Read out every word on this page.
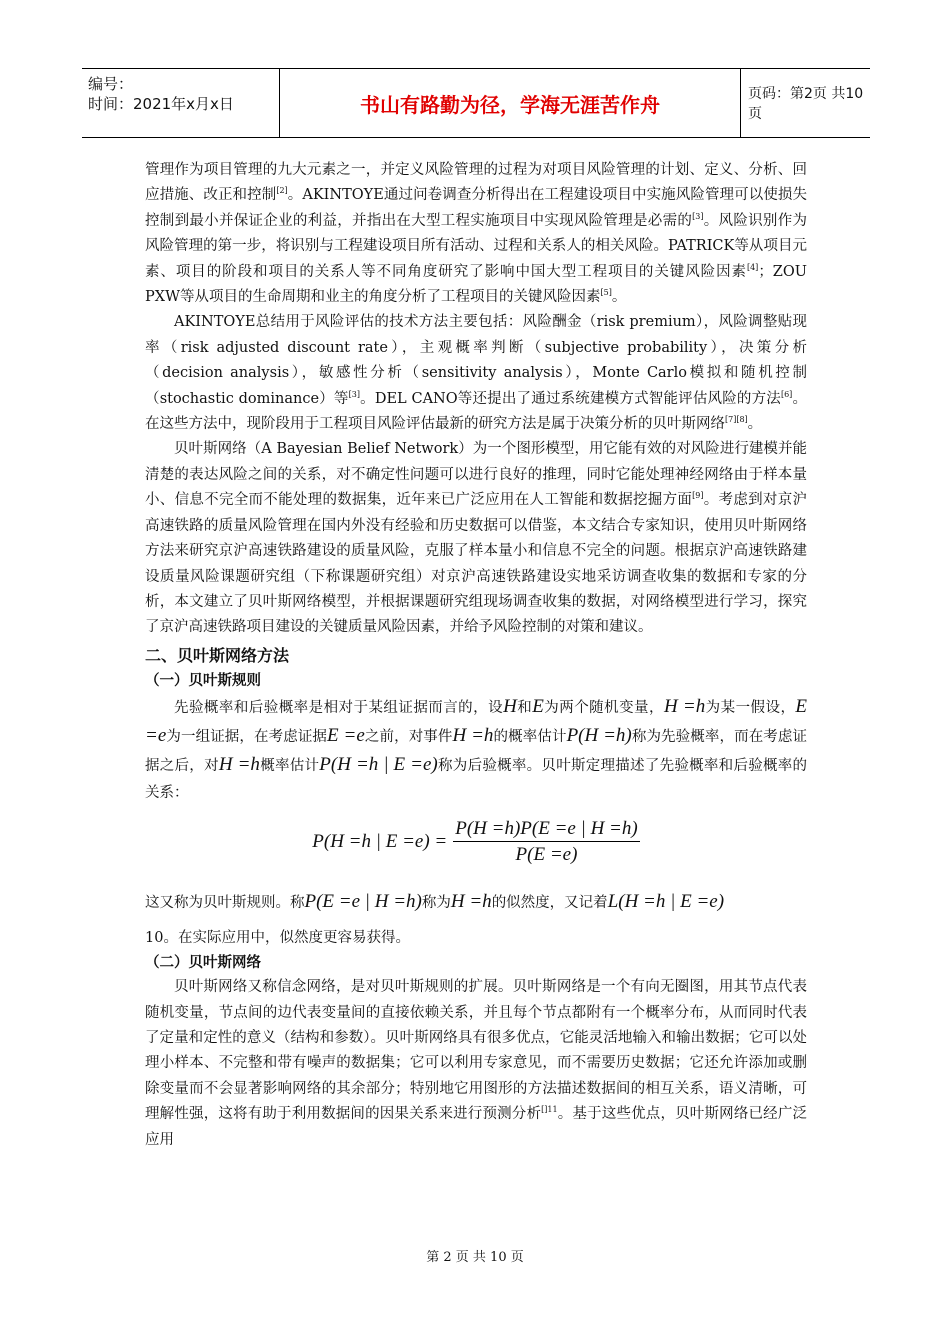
编号：
时间：2021年x月x日	书山有路勤为径，学海无涯苦作舟	页码：第2页 共10页

管理作为项目管理的九大元素之一，并定义风险管理的过程为对项目风险管理的计划、定义、分析、回应措施、改正和控制[2]。AKINTOYE通过问卷调查分析得出在工程建设项目中实施风险管理可以使损失控制到最小并保证企业的利益，并指出在大型工程实施项目中实现风险管理是必需的[3]。风险识别作为风险管理的第一步，将识别与工程建设项目所有活动、过程和关系人的相关风险。PATRICK等从项目元素、项目的阶段和项目的关系人等不同角度研究了影响中国大型工程项目的关键风险因素[4]；ZOU PXW等从项目的生命周期和业主的角度分析了工程项目的关键风险因素[5]。

AKINTOYE总结用于风险评估的技术方法主要包括：风险酬金（risk premium），风险调整贴现率（risk adjusted discount rate），主观概率判断（subjective probability），决策分析（decision analysis），敏感性分析（sensitivity analysis），Monte Carlo模拟和随机控制（stochastic dominance）等[3]。DEL CANO等还提出了通过系统建模方式智能评估风险的方法[6]。在这些方法中，现阶段用于工程项目风险评估最新的研究方法是属于决策分析的贝叶斯网络[7][8]。

贝叶斯网络（A Bayesian Belief Network）为一个图形模型，用它能有效的对风险进行建模并能清楚的表达风险之间的关系，对不确定性问题可以进行良好的推理，同时它能处理神经网络由于样本量小、信息不完全而不能处理的数据集，近年来已广泛应用在人工智能和数据挖掘方面[9]。考虑到对京沪高速铁路的质量风险管理在国内外没有经验和历史数据可以借鉴，本文结合专家知识，使用贝叶斯网络方法来研究京沪高速铁路建设的质量风险，克服了样本量小和信息不完全的问题。根据京沪高速铁路建设质量风险课题研究组（下称课题研究组）对京沪高速铁路建设实地采访调查收集的数据和专家的分析，本文建立了贝叶斯网络模型，并根据课题研究组现场调查收集的数据，对网络模型进行学习，探究了京沪高速铁路项目建设的关键质量风险因素，并给予风险控制的对策和建议。

二、贝叶斯网络方法
（一）贝叶斯规则

先验概率和后验概率是相对于某组证据而言的，设H和E为两个随机变量，H =h为某一假设，E =e为一组证据，在考虑证据E =e之前，对事件H =h的概率估计P(H =h)称为先验概率，而在考虑证据之后，对H =h概率估计P(H =h | E =e)称为后验概率。贝叶斯定理描述了先验概率和后验概率的关系：

P(H =h | $E =e) = \frac{P(H =h)P(E =e | H =h)}{P(E =e)}$

这又称为贝叶斯规则。称P(E =e | H =h)称为H =h的似然度，又记着L(H =h | E =e)

10。在实际应用中，似然度更容易获得。

（二）贝叶斯网络

贝叶斯网络又称信念网络，是对贝叶斯规则的扩展。贝叶斯网络是一个有向无圈图，用其节点代表随机变量，节点间的边代表变量间的直接依赖关系，并且每个节点都附有一个概率分布，从而同时代表了定量和定性的意义（结构和参数）。贝叶斯网络具有很多优点，它能灵活地输入和输出数据；它可以处理小样本、不完整和带有噪声的数据集；它可以利用专家意见，而不需要历史数据；它还允许添加或删除变量而不会显著影响网络的其余部分；特别地它用图形的方法描述数据间的相互关系，语义清晰，可理解性强，这将有助于利用数据间的因果关系来进行预测分析$^{[]11}$。基于这些优点，贝叶斯网络已经广泛应用

第 2 页 共 10 页
